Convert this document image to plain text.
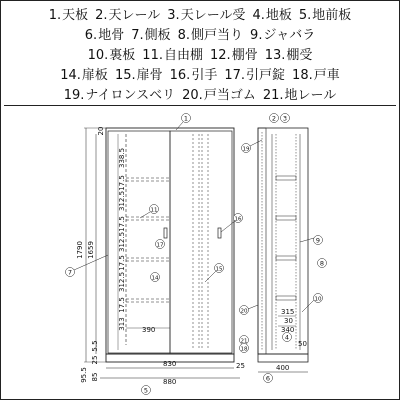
1. 天板 2. 天レール 3. 天レール受 4. 地板 5. 地前板
6. 地骨 7. 側板 8. 側戸当り 9. ジャバラ
10. 裏板 11. 自由棚 12. 棚骨 13. 棚受
14. 扉板 15. 扉骨 16. 引手 17. 引戸錠 18. 戸車
19. ナイロンスベリ 20. 戸当ゴム 21. 地レール
1790 1659
20
338.5
17.5
312.5
17.5
312.5
17.5
312.5
17.5
313 390
5.5
25
95.5 85
830
880
25
1
7
11
17
14
15
16
5
2 3
19
9
8
10
20
21	4
18
6
400
315
30
340
50
